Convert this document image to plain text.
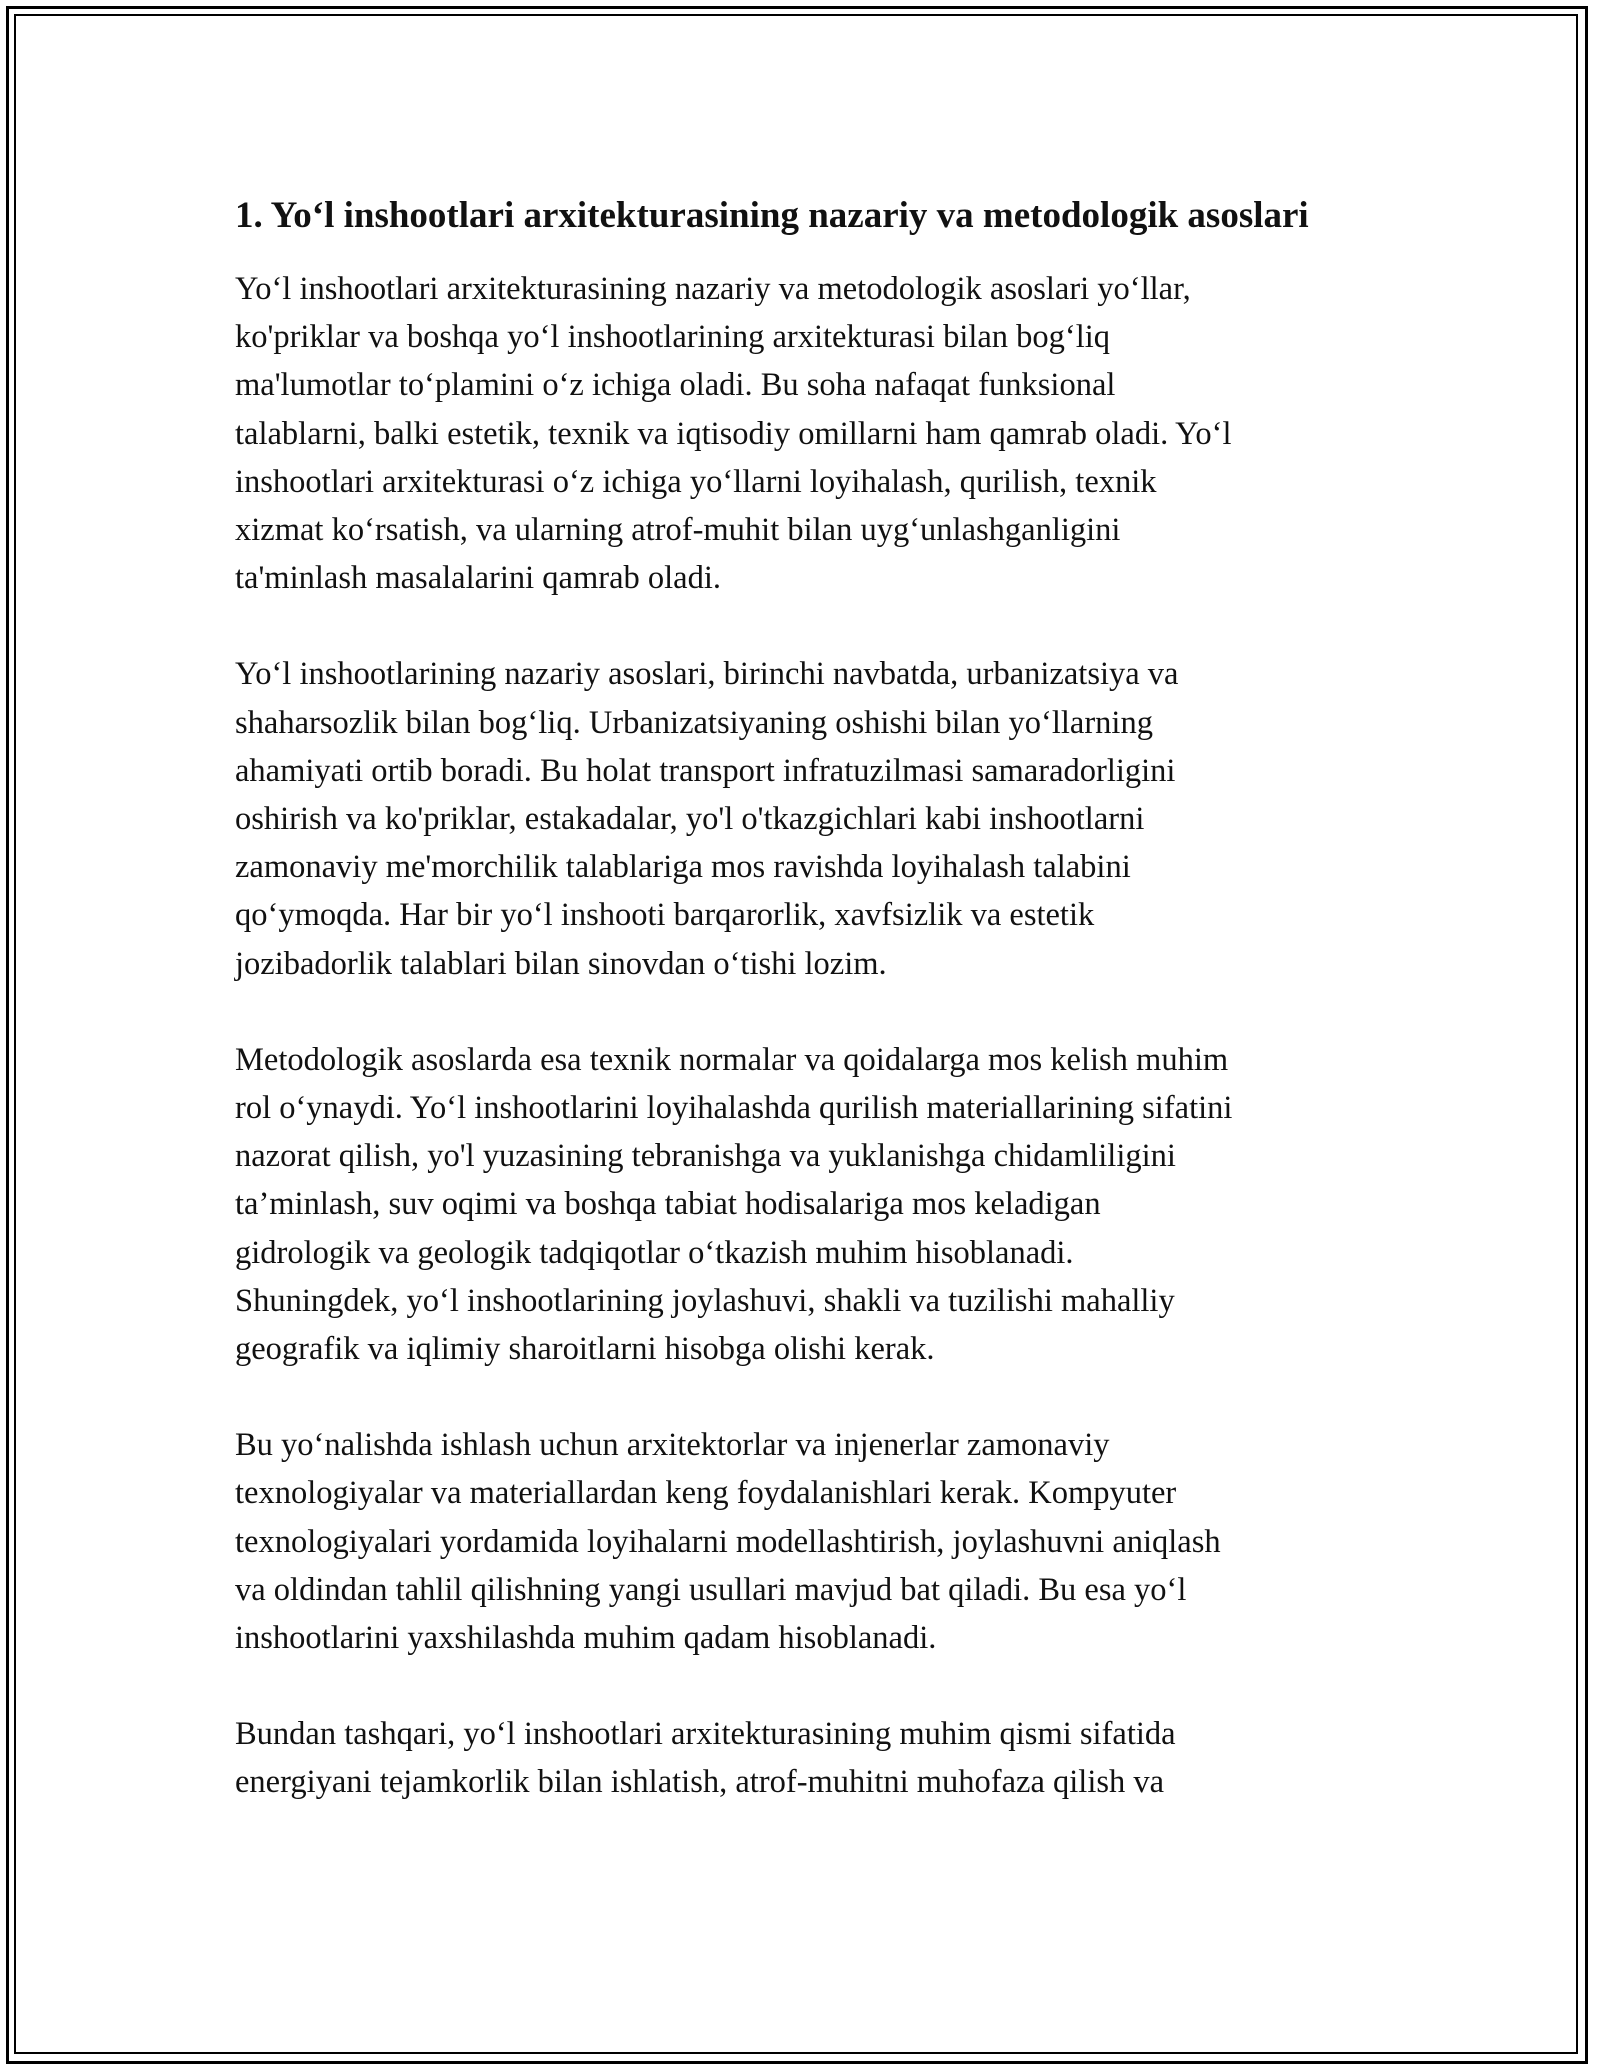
1. Yo‘l inshootlari arxitekturasining nazariy va metodologik asoslari

Yo‘l inshootlari arxitekturasining nazariy va metodologik asoslari yo‘llar,
ko'priklar va boshqa yo‘l inshootlarining arxitekturasi bilan bog‘liq
ma'lumotlar to‘plamini o‘z ichiga oladi. Bu soha nafaqat funksional
talablarni, balki estetik, texnik va iqtisodiy omillarni ham qamrab oladi. Yo‘l
inshootlari arxitekturasi o‘z ichiga yo‘llarni loyihalash, qurilish, texnik
xizmat ko‘rsatish, va ularning atrof-muhit bilan uyg‘unlashganligini
ta'minlash masalalarini qamrab oladi.

Yo‘l inshootlarining nazariy asoslari, birinchi navbatda, urbanizatsiya va
shaharsozlik bilan bog‘liq. Urbanizatsiyaning oshishi bilan yo‘llarning
ahamiyati ortib boradi. Bu holat transport infratuzilmasi samaradorligini
oshirish va ko'priklar, estakadalar, yo'l o'tkazgichlari kabi inshootlarni
zamonaviy me'morchilik talablariga mos ravishda loyihalash talabini
qo‘ymoqda. Har bir yo‘l inshooti barqarorlik, xavfsizlik va estetik
jozibadorlik talablari bilan sinovdan o‘tishi lozim.

Metodologik asoslarda esa texnik normalar va qoidalarga mos kelish muhim
rol o‘ynaydi. Yo‘l inshootlarini loyihalashda qurilish materiallarining sifatini
nazorat qilish, yo'l yuzasining tebranishga va yuklanishga chidamliligini
ta’minlash, suv oqimi va boshqa tabiat hodisalariga mos keladigan
gidrologik va geologik tadqiqotlar o‘tkazish muhim hisoblanadi.
Shuningdek, yo‘l inshootlarining joylashuvi, shakli va tuzilishi mahalliy
geografik va iqlimiy sharoitlarni hisobga olishi kerak.

Bu yo‘nalishda ishlash uchun arxitektorlar va injenerlar zamonaviy
texnologiyalar va materiallardan keng foydalanishlari kerak. Kompyuter
texnologiyalari yordamida loyihalarni modellashtirish, joylashuvni aniqlash
va oldindan tahlil qilishning yangi usullari mavjud bat qiladi. Bu esa yo‘l
inshootlarini yaxshilashda muhim qadam hisoblanadi.

Bundan tashqari, yo‘l inshootlari arxitekturasining muhim qismi sifatida
energiyani tejamkorlik bilan ishlatish, atrof-muhitni muhofaza qilish va
